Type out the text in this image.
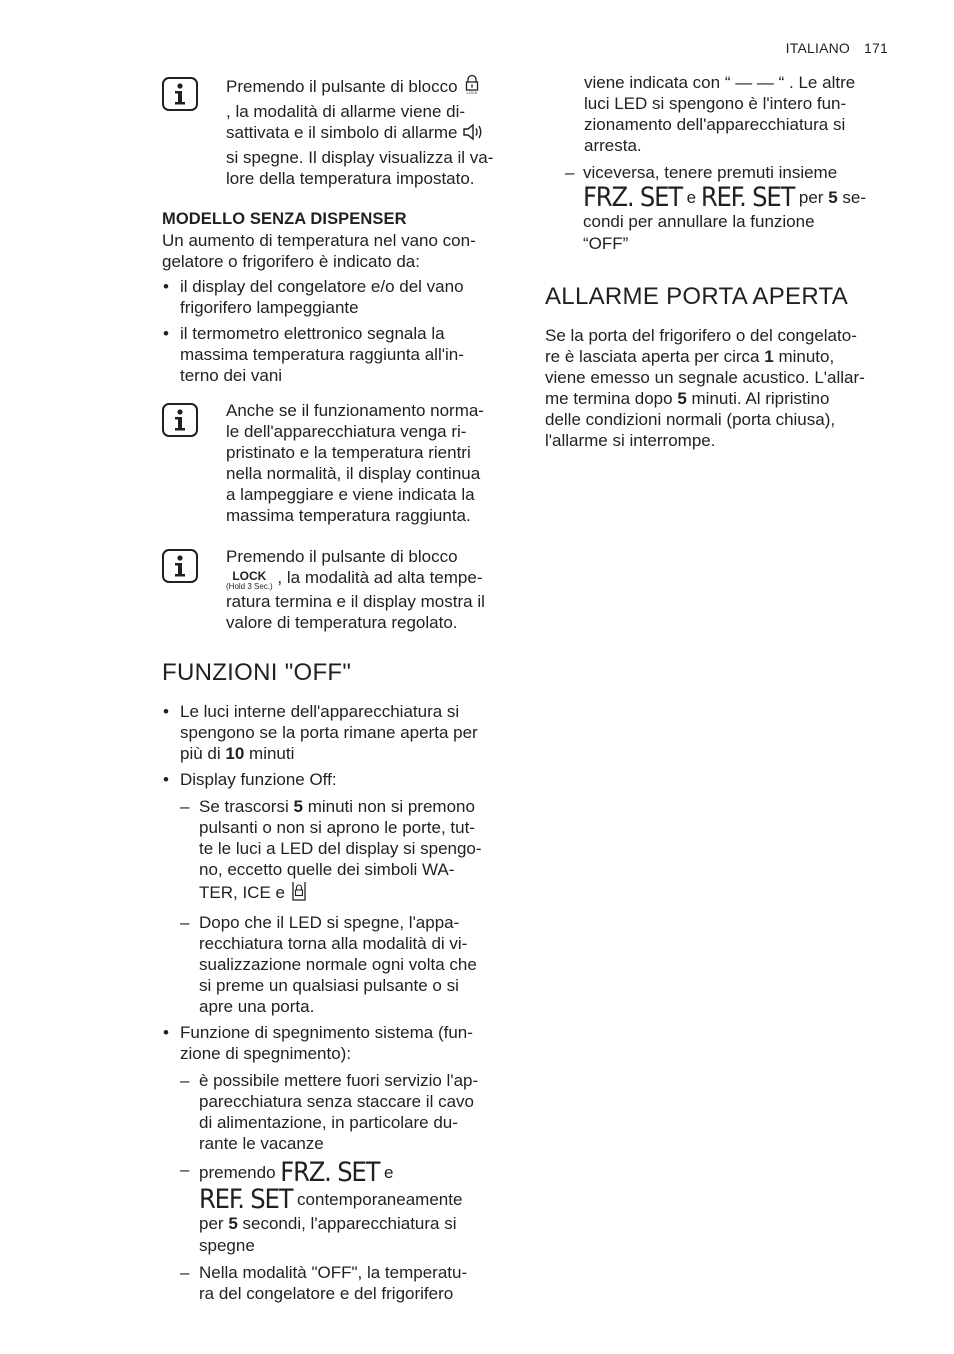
ITALIANO 171

Premendo il pulsante di blocco LOCK

, la modalità di allarme viene di-
sattivata e il simbolo di allarme
si spegne. Il display visualizza il va-
lore della temperatura impostato.

MODELLO SENZA DISPENSER

Un aumento di temperatura nel vano con-
gelatore o frigorifero è indicato da:

• il display del congelatore e/o del vano
frigorifero lampeggiante
• il termometro elettronico segnala la
massima temperatura raggiunta all'in-
terno dei vani

Anche se il funzionamento norma-
le dell'apparecchiatura venga ri-
pristinato e la temperatura rientri
nella normalità, il display continua
a lampeggiare e viene indicata la
massima temperatura raggiunta.

Premendo il pulsante di blocco

LOCK
(Hold 3 Sec.) , la modalità ad alta tempe-
ratura termina e il display mostra il
valore di temperatura regolato.

FUNZIONI "OFF"
• Le luci interne dell'apparecchiatura si
spengono se la porta rimane aperta per
più di 10 minuti
• Display funzione Off:
– Se trascorsi 5 minuti non si premono
pulsanti o non si aprono le porte, tut-
te le luci a LED del display si spengo-
no, eccetto quelle dei simboli WA-
TER, ICE e
– Dopo che il LED si spegne, l'appa-
recchiatura torna alla modalità di vi-
sualizzazione normale ogni volta che
si preme un qualsiasi pulsante o si
apre una porta.
• Funzione di spegnimento sistema (fun-
zione di spegnimento):
– è possibile mettere fuori servizio l'ap-
parecchiatura senza staccare il cavo
di alimentazione, in particolare du-
rante le vacanze
– premendo FRZ. SET e
REF. SET contemporaneamente
per 5 secondi, l'apparecchiatura si
spegne
– Nella modalità "OFF", la temperatu-
ra del congelatore e del frigorifero

viene indicata con “ — — “ . Le altre
luci LED si spengono è l'intero fun-
zionamento dell'apparecchiatura si
arresta.

– viceversa, tenere premuti insieme
FRZ. SET e REF. SET per 5 se-
condi per annullare la funzione
“OFF”
ALLARME PORTA APERTA

Se la porta del frigorifero o del congelato-
re è lasciata aperta per circa 1 minuto,
viene emesso un segnale acustico. L'allar-
me termina dopo 5 minuti. Al ripristino
delle condizioni normali (porta chiusa),
l'allarme si interrompe.
